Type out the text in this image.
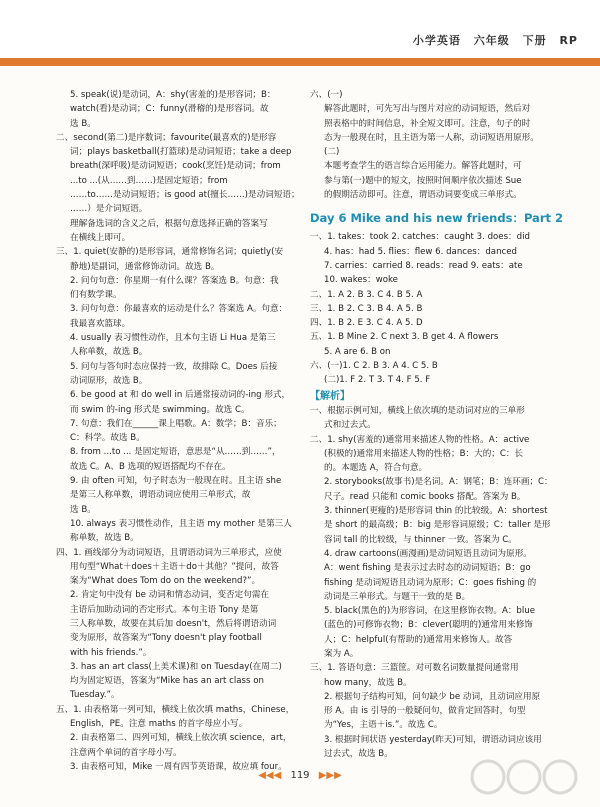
小学英语 六年级 下册 RP
5. speak(说)是动词，A：shy(害羞的)是形容词；B：
watch(看)是动词；C：funny(滑稽的)是形容词。故
选 B。
二、second(第二)是序数词；favourite(最喜欢的)是形容
词；plays basketball(打篮球)是动词短语；take a deep
breath(深呼吸)是动词短语；cook(烹饪)是动词；from
...to ...(从……到……)是固定短语；from
……to……是动词短语；is good at(擅长……)是动词短语；
……）是介词短语。
理解备选词的含义之后，根据句意选择正确的答案写
在横线上即可。
三、1. quiet(安静的)是形容词，通常修饰名词；quietly(安
静地)是副词，通常修饰动词。故选 B。
2. 问句句意：你星期一有什么课？答案选 B。句意：我
们有数学课。
3. 问句句意：你最喜欢的运动是什么？答案选 A。句意：
我最喜欢篮球。
4. usually 表习惯性动作，且本句主语 Li Hua 是第三
人称单数，故选 B。
5. 问句与答句时态应保持一致，故排除 C。Does 后接
动词原形，故选 B。
6. be good at 和 do well in 后通常接动词的-ing 形式，
而 swim 的-ing 形式是 swimming。故选 C。
7. 句意：我们在______课上唱歌。A：数学；B：音乐；
C：科学。故选 B。
8. from ...to ... 是固定短语，意思是“从……到……”，
故选 C。A、B 选项的短语搭配均不存在。
9. 由 often 可知，句子时态为一般现在时。且主语 she
是第三人称单数，谓语动词应使用三单形式，故
选 B。
10. always 表习惯性动作，且主语 my mother 是第三人
称单数，故选 B。
四、1. 画线部分为动词短语，且谓语动词为三单形式，应使
用句型“What＋does＋主语＋do＋其他？”提问，故答
案为“What does Tom do on the weekend?”。
2. 肯定句中没有 be 动词和情态动词，变否定句需在
主语后加助动词的否定形式。本句主语 Tony 是第
三人称单数，故要在其后加 doesn't，然后将谓语动词
变为原形，故答案为“Tony doesn't play football
with his friends.”。
3. has an art class(上美术课)和 on Tuesday(在周二)
均为固定短语，答案为“Mike has an art class on
Tuesday.”。
五、1. 由表格第一列可知，横线上依次填 maths，Chinese，
English，PE。注意 maths 的首字母应小写。
2. 由表格第二、四列可知，横线上依次填 science，art，
注意两个单词的首字母小写。
3. 由表格可知，Mike 一周有四节英语课，故应填 four。
六、(一)
解答此题时，可先写出与图片对应的动词短语，然后对
照表格中的时间信息，补全短文即可。注意，句子的时
态为一般现在时，且主语为第一人称，动词短语用原形。
(二)
本题考查学生的语言综合运用能力。解答此题时，可
参与第(一)题中的短文，按照时间顺序依次描述 Sue
的假期活动即可。注意，谓语动词要变成三单形式。
Day 6 Mike and his new friends：Part 2
一、1. takes：took 2. catches：caught 3. does：did
4. has：had 5. flies：flew 6. dances：danced
7. carries：carried 8. reads：read 9. eats：ate
10. wakes：woke
二、1. A 2. B 3. C 4. B 5. A
三、1. B 2. C 3. B 4. A 5. B
四、1. B 2. E 3. C 4. A 5. D
五、1. B Mine 2. C next 3. B get 4. A flowers
5. A are 6. B on
六、(一)1. C 2. B 3. A 4. C 5. B
(二)1. F 2. T 3. T 4. F 5. F
【解析】
一、根据示例可知，横线上依次填的是动词对应的三单形
式和过去式。
二、1. shy(害羞的)通常用来描述人物的性格。A：active
(积极的)通常用来描述人物的性格；B：大的；C：长
的。本题选 A，符合句意。
2. storybooks(故事书)是名词。A：钢笔；B：连环画；C：
尺子。read 只能和 comic books 搭配。答案为 B。
3. thinner(更瘦的)是形容词 thin 的比较级。A：shortest
是 short 的最高级；B：big 是形容词原级；C：taller 是形
容词 tall 的比较级，与 thinner 一致。答案为 C。
4. draw cartoons(画漫画)是动词短语且动词为原形。
A：went fishing 是表示过去时态的动词短语；B：go
fishing 是动词短语且动词为原形；C：goes fishing 的
动词是三单形式。与题干一致的是 B。
5. black(黑色的)为形容词，在这里修饰衣物。A：blue
(蓝色的)可修饰衣物；B：clever(聪明的)通常用来修饰
人；C：helpful(有帮助的)通常用来修饰人。故答
案为 A。
三、1. 答语句意：三篮筐。对可数名词数量提问通常用
how many，故选 B。
2. 根据句子结构可知，问句缺少 be 动词，且动词应用原
形 A。由 is 引导的一般疑问句，做肯定回答时，句型
为“Yes，主语＋is.”。故选 C。
3. 根据时间状语 yesterday(昨天)可知，谓语动词应该用
过去式，故选 B。
◀◀◀ 119 ▶▶▶
